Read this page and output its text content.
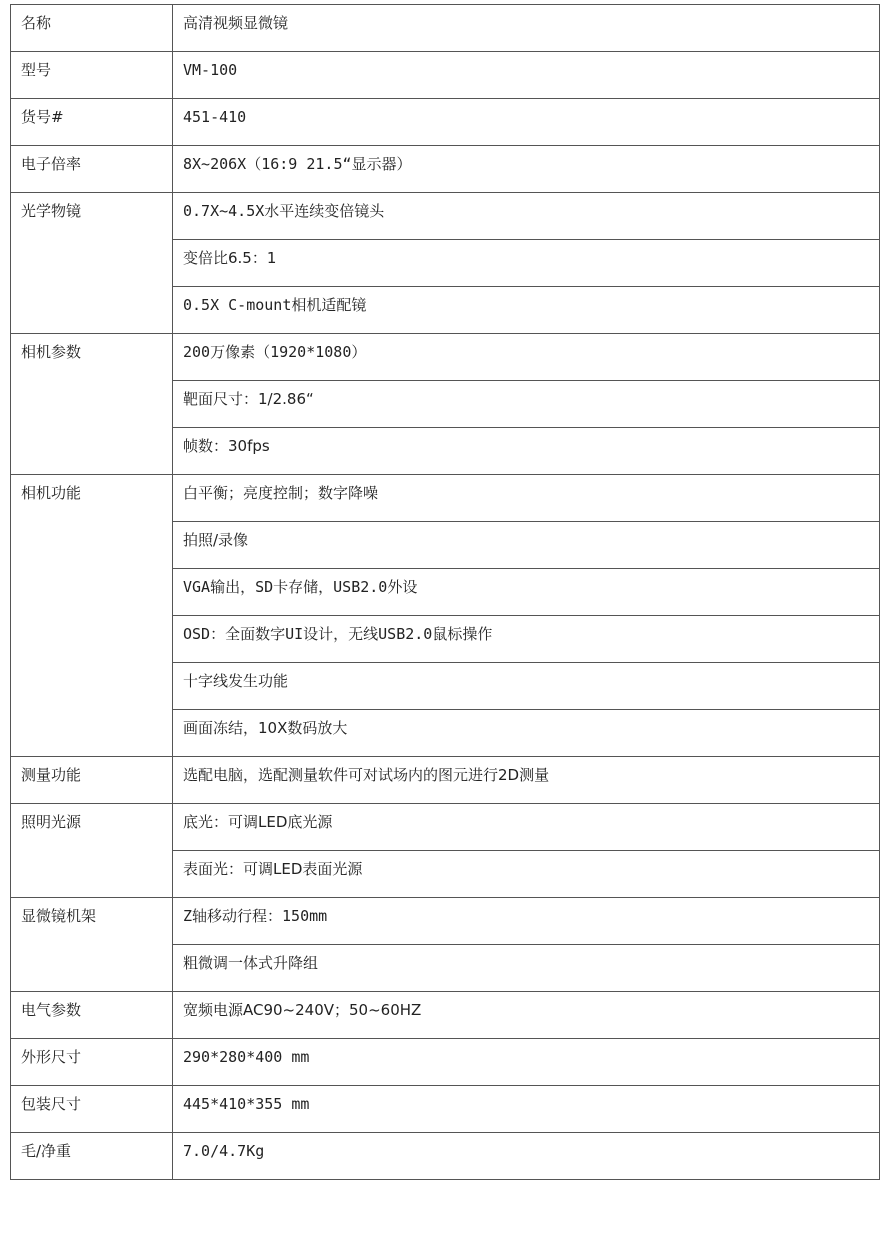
名称	高清视频显微镜
型号	VM-100
货号#	451-410
电子倍率	8X~206X（16:9 21.5“显示器）
光学物镜	0.7X~4.5X水平连续变倍镜头
	变倍比6.5：1
	0.5X C-mount相机适配镜
相机参数	200万像素（1920*1080）
	靶面尺寸：1/2.86“
	帧数：30fps
相机功能	白平衡；亮度控制；数字降噪
	拍照/录像
	VGA输出，SD卡存储，USB2.0外设
	OSD：全面数字UI设计，无线USB2.0鼠标操作
	十字线发生功能
	画面冻结，10X数码放大
测量功能	选配电脑，选配测量软件可对试场内的图元进行2D测量
照明光源	底光：可调LED底光源
	表面光：可调LED表面光源
显微镜机架	Z轴移动行程：150mm
	粗微调一体式升降组
电气参数	宽频电源AC90~240V；50~60HZ
外形尺寸	290*280*400 mm
包装尺寸	445*410*355 mm
毛/净重	7.0/4.7Kg
